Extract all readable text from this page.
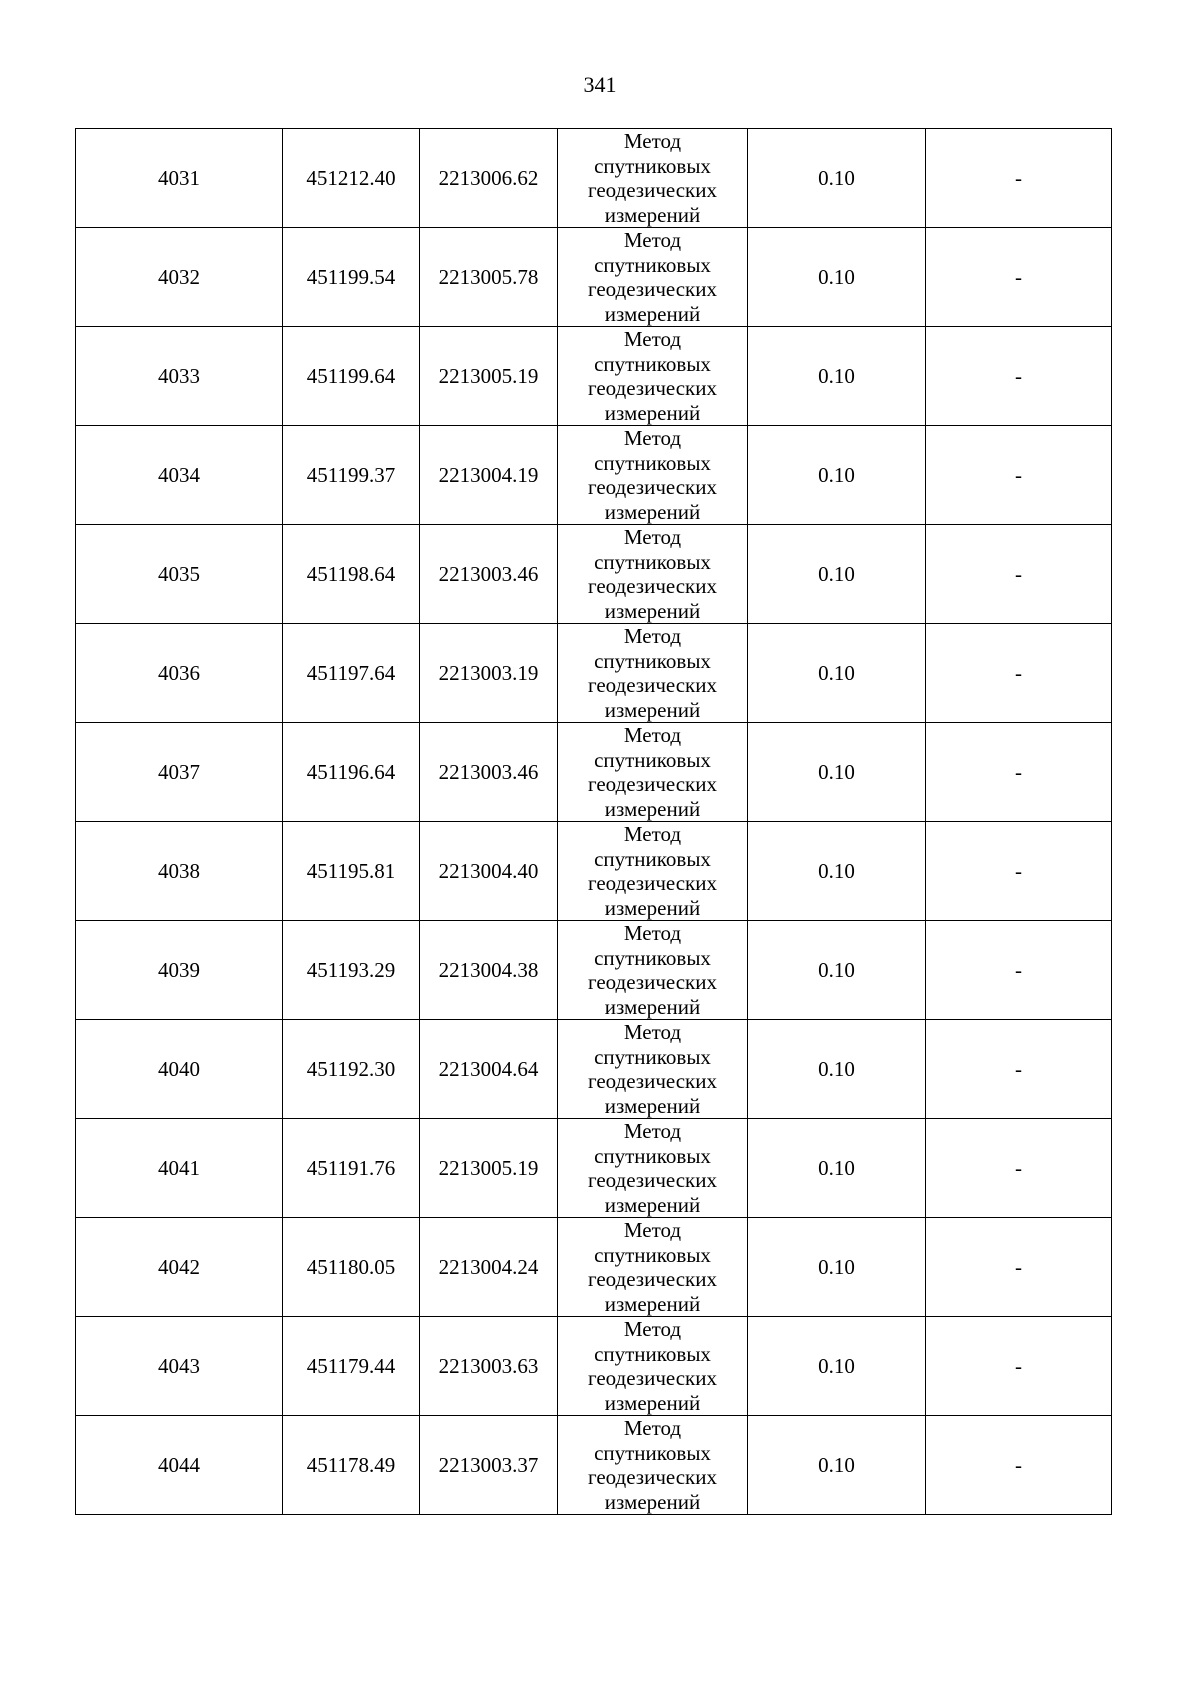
341
4031	451212.40	2213006.62	Метод
спутниковых
геодезических
измерений	0.10	-
4032	451199.54	2213005.78	Метод
спутниковых
геодезических
измерений	0.10	-
4033	451199.64	2213005.19	Метод
спутниковых
геодезических
измерений	0.10	-
4034	451199.37	2213004.19	Метод
спутниковых
геодезических
измерений	0.10	-
4035	451198.64	2213003.46	Метод
спутниковых
геодезических
измерений	0.10	-
4036	451197.64	2213003.19	Метод
спутниковых
геодезических
измерений	0.10	-
4037	451196.64	2213003.46	Метод
спутниковых
геодезических
измерений	0.10	-
4038	451195.81	2213004.40	Метод
спутниковых
геодезических
измерений	0.10	-
4039	451193.29	2213004.38	Метод
спутниковых
геодезических
измерений	0.10	-
4040	451192.30	2213004.64	Метод
спутниковых
геодезических
измерений	0.10	-
4041	451191.76	2213005.19	Метод
спутниковых
геодезических
измерений	0.10	-
4042	451180.05	2213004.24	Метод
спутниковых
геодезических
измерений	0.10	-
4043	451179.44	2213003.63	Метод
спутниковых
геодезических
измерений	0.10	-
4044	451178.49	2213003.37	Метод
спутниковых
геодезических
измерений	0.10	-
